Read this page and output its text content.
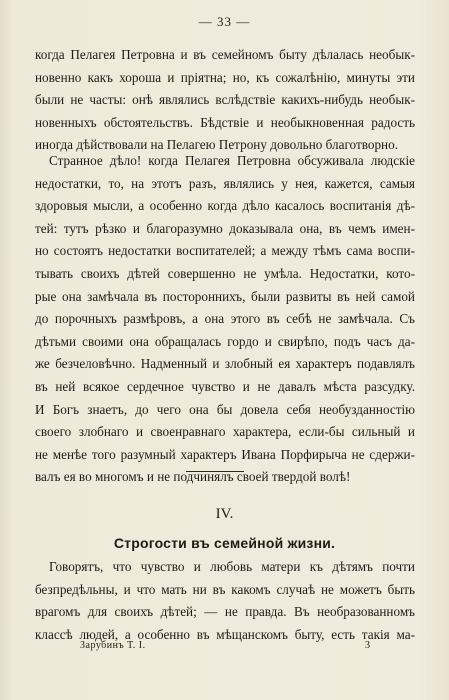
— 33 —
когда Пелагея Петровна и въ семейномъ быту дѣлалась необык-
новенно какъ хороша и пріятна; но, къ сожалѣнію, минуты эти
были не часты: онѣ являлись вслѣдствіе какихъ-нибудь необык-
новенныхъ обстоятельствъ. Бѣдствіе и необыкновенная радость
иногда дѣйствовали на Пелагею Петрону довольно благотворно.
Странное дѣло! когда Пелагея Петровна обсуживала людскіе
недостатки, то, на этотъ разъ, являлись у нея, кажется, самыя
здоровыя мысли, а особенно когда дѣло касалось воспитанія дѣ-
тей: тутъ рѣзко и благоразумно доказывала она, въ чемъ имен-
но состоятъ недостатки воспитателей; а между тѣмъ сама воспи-
тывать своихъ дѣтей совершенно не умѣла. Недостатки, кото-
рые она замѣчала въ постороннихъ, были развиты въ ней самой
до порочныхъ размѣровъ, а она этого въ себѣ не замѣчала. Съ
дѣтьми своими она обращалась гордо и свирѣпо, подъ часъ да-
же безчеловѣчно. Надменный и злобный ея характеръ подавлялъ
въ ней всякое сердечное чувство и не давалъ мѣста разсудку.
И Богъ знаетъ, до чего она бы довела себя необузданностію
своего злобнаго и своенравнаго характера, если-бы сильный и
не менѣе того разумный характеръ Ивана Порфирыча не сдержи-
валъ ея во многомъ и не подчинялъ своей твердой волѣ!
IV.
Строгости въ семейной жизни.
Говорятъ, что чувство и любовь матери къ дѣтямъ почти
безпредѣльны, и что мать ни въ какомъ случаѣ не можетъ быть
врагомъ для своихъ дѣтей; — не правда. Въ необразованномъ
классѣ людей, а особенно въ мѣщанскомъ быту, есть такія ма-
Зарубинъ Т. I.	3
